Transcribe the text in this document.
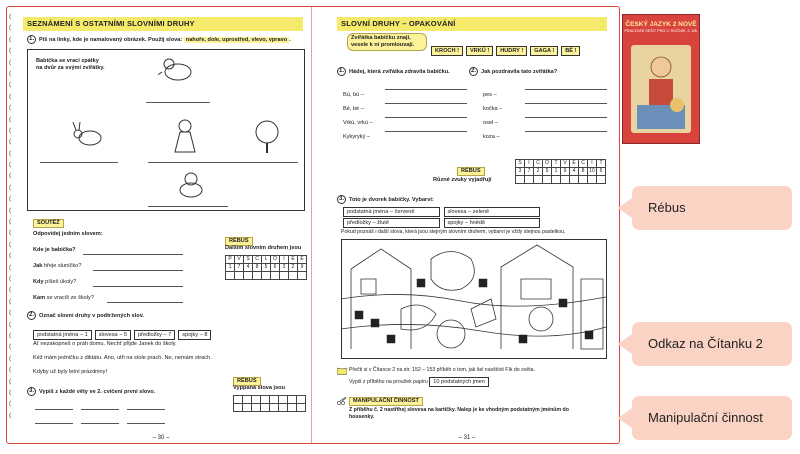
SEZNÁMENÍ S OSTATNÍMI SLOVNÍMI DRUHY
1. Piš na linky, kde je namalovaný obrázek. Použij slova: nahoře, dole, uprostřed, vlevo, vpravo .
Babička se vrací zpátky na dvůr za svými zvířátky.
SOUTĚŽ
Odpovídej jedním slovem:
Kde je babička?
Jak hřeje sluníčko?
Kdy píšeš úkoly?
Kam se vracíš ze školy?
RÉBUS
Dalším slovním druhem jsou
P	V	S	C	L	O	I	E	E
1	7	4	8	5	6	3	2	9
2. Označ slovní druhy v podtržených slov.
podstatná jména – 1 slovesa – 5 předložky – 7 spojky – 8
Ať nezakopneš o práh domu. Nechť přijde Janek do školy.
Kéž mám jedničku z diktátu. Ano, utři na stole prach. Ne, nemám strach.
Kdyby už byly letní prázdniny!
3. Vypiš z každé věty ve 2. cvičení první slovo.
RÉBUS
Vyppaná slova jsou
– 30 –
SLOVNÍ DRUHY – OPAKOVÁNÍ
Zvířátka babičku znají, vesele k ní promlouvají.
KROCH ! VRKÚ ! HUDRY ! GAGA ! BÉ !
1. Hádej, která zvířátka zdravila babičku.
Bú, bú –
Bé, bé –
Vrkú, vrkú –
Kykyryký –
2. Jak pozdravila tato zvířátka?
pes –
kočka –
osel –
koza –
RÉBUS
Různé zvuky vyjadřují
S	I	C	O	T	V	E	C	I	T
3	7	2	5	1	9	4	8 10 6
3. Toto je dvorek babičky. Vybarvi:
podstatná jména – červeně	slovesa – zeleně
předložky – žlutě	spojky – hnědě
Pokud poznáš i další slova, která jsou stejným slovním druhem, vybarvi je vždy stejnou pastelkou.
Přečti si v Čítance 2 na str. 152 – 153 příběh o tom, jak šel navštívit Fík do světa.
Vypiš z příběhu na proužek papíru 10 podstatných jmen
MANIPULAČNÍ ČINNOST
Z příběhu č. 2 nastříhej slovesa na kartičky. Nalep je ke vhodným podstatným jménům do housenky.
– 31 –
ČESKÝ JAZYK 2 NOVĚ
PRACOVNÍ SEŠIT PRO 2. ROČNÍK, 2. DÍL
Rébus
Odkaz na Čítanku 2
Manipulační činnost
